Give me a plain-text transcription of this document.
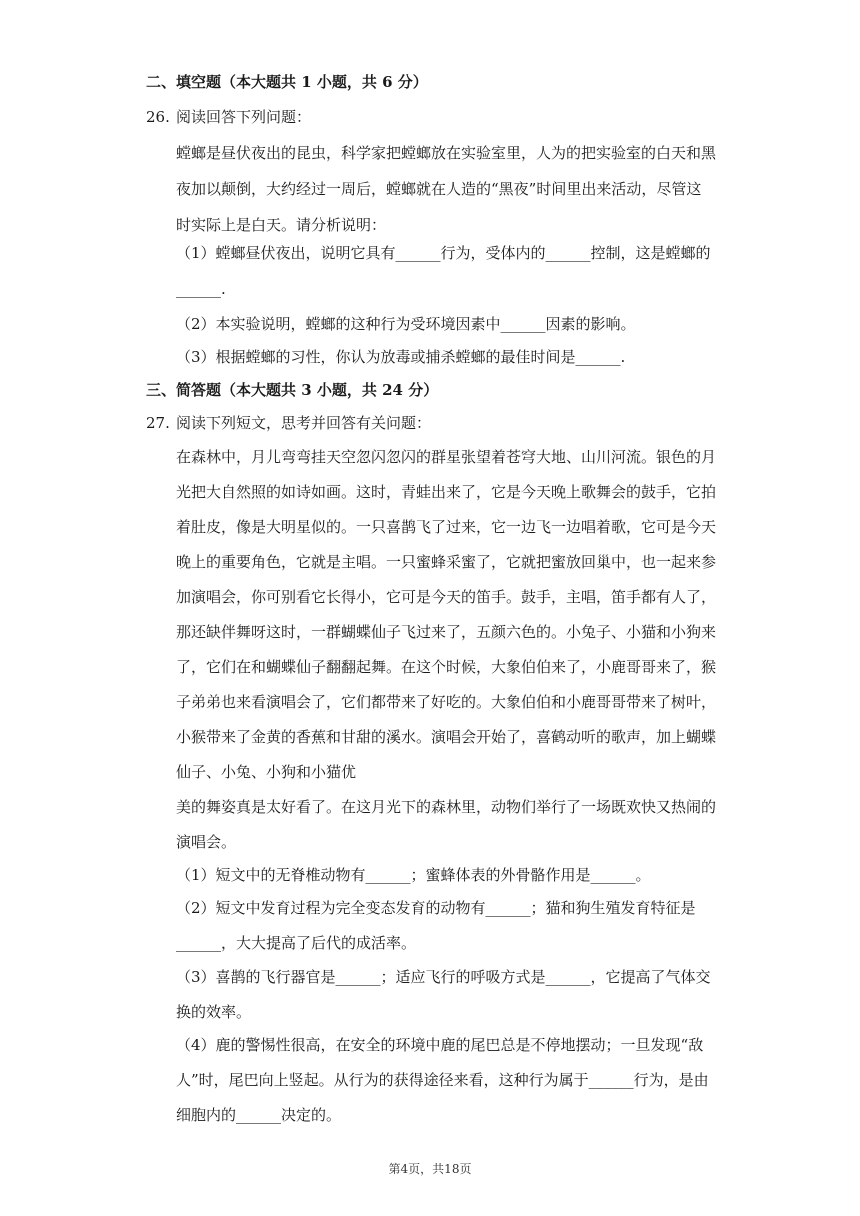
二、填空题（本大题共 1 小题，共 6 分）
26. 阅读回答下列问题：
螳螂是昼伏夜出的昆虫，科学家把螳螂放在实验室里，人为的把实验室的白天和黑
夜加以颠倒，大约经过一周后，螳螂就在人造的“黑夜”时间里出来活动，尽管这
时实际上是白天。请分析说明：
（1）螳螂昼伏夜出，说明它具有______行为，受体内的______控制，这是螳螂的
______.
（2）本实验说明，螳螂的这种行为受环境因素中______因素的影响。
（3）根据螳螂的习性，你认为放毒或捕杀螳螂的最佳时间是______.
三、简答题（本大题共 3 小题，共 24 分）
27. 阅读下列短文，思考并回答有关问题：
在森林中，月儿弯弯挂天空忽闪忽闪的群星张望着苍穹大地、山川河流。银色的月
光把大自然照的如诗如画。这时，青蛙出来了，它是今天晚上歌舞会的鼓手，它拍
着肚皮，像是大明星似的。一只喜鹊飞了过来，它一边飞一边唱着歌，它可是今天
晚上的重要角色，它就是主唱。一只蜜蜂采蜜了，它就把蜜放回巢中，也一起来参
加演唱会，你可别看它长得小，它可是今天的笛手。鼓手，主唱，笛手都有人了，
那还缺伴舞呀这时，一群蝴蝶仙子飞过来了，五颜六色的。小兔子、小猫和小狗来
了，它们在和蝴蝶仙子翻翻起舞。在这个时候，大象伯伯来了，小鹿哥哥来了，猴
子弟弟也来看演唱会了，它们都带来了好吃的。大象伯伯和小鹿哥哥带来了树叶，
小猴带来了金黄的香蕉和甘甜的溪水。演唱会开始了，喜鹤动听的歌声，加上蝴蝶
仙子、小兔、小狗和小猫优
美的舞姿真是太好看了。在这月光下的森林里，动物们举行了一场既欢快又热闹的
演唱会。
（1）短文中的无脊椎动物有______；蜜蜂体表的外骨骼作用是______。
（2）短文中发育过程为完全变态发育的动物有______；猫和狗生殖发育特征是
______，大大提高了后代的成活率。
（3）喜鹊的飞行器官是______；适应飞行的呼吸方式是______，它提高了气体交
换的效率。
（4）鹿的警惕性很高，在安全的环境中鹿的尾巴总是不停地摆动；一旦发现“敌
人”时，尾巴向上竖起。从行为的获得途径来看，这种行为属于______行为，是由
细胞内的______决定的。
第4页，共18页
